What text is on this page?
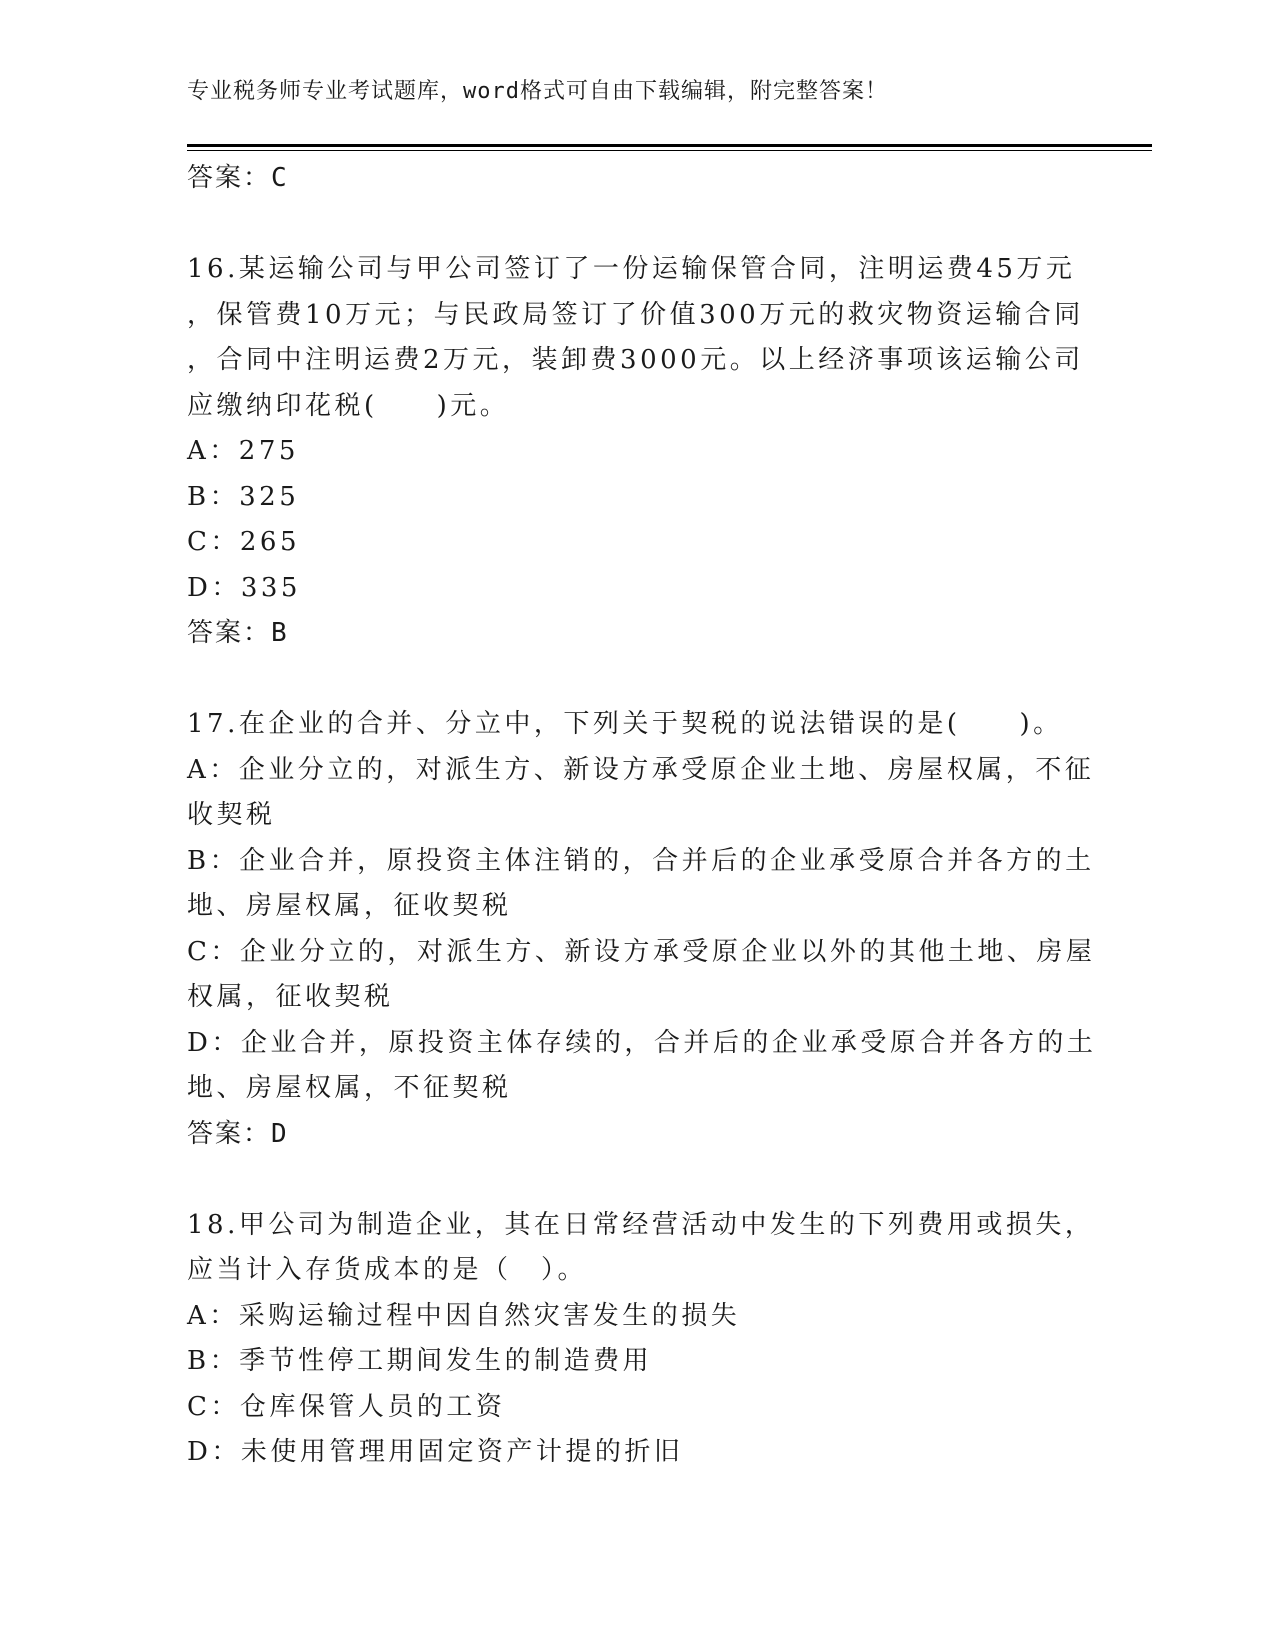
专业税务师专业考试题库，word格式可自由下载编辑，附完整答案！
答案：C
16.某运输公司与甲公司签订了一份运输保管合同，注明运费45万元
，保管费10万元；与民政局签订了价值300万元的救灾物资运输合同
，合同中注明运费2万元，装卸费3000元。以上经济事项该运输公司
应缴纳印花税(　　)元。
A：275
B：325
C：265
D：335
答案：B
17.在企业的合并、分立中，下列关于契税的说法错误的是(　　)。
A：企业分立的，对派生方、新设方承受原企业土地、房屋权属，不征
收契税
B：企业合并，原投资主体注销的，合并后的企业承受原合并各方的土
地、房屋权属，征收契税
C：企业分立的，对派生方、新设方承受原企业以外的其他土地、房屋
权属，征收契税
D：企业合并，原投资主体存续的，合并后的企业承受原合并各方的土
地、房屋权属，不征契税
答案：D
18.甲公司为制造企业，其在日常经营活动中发生的下列费用或损失，
应当计入存货成本的是（　）。
A：采购运输过程中因自然灾害发生的损失
B：季节性停工期间发生的制造费用
C：仓库保管人员的工资
D：未使用管理用固定资产计提的折旧
